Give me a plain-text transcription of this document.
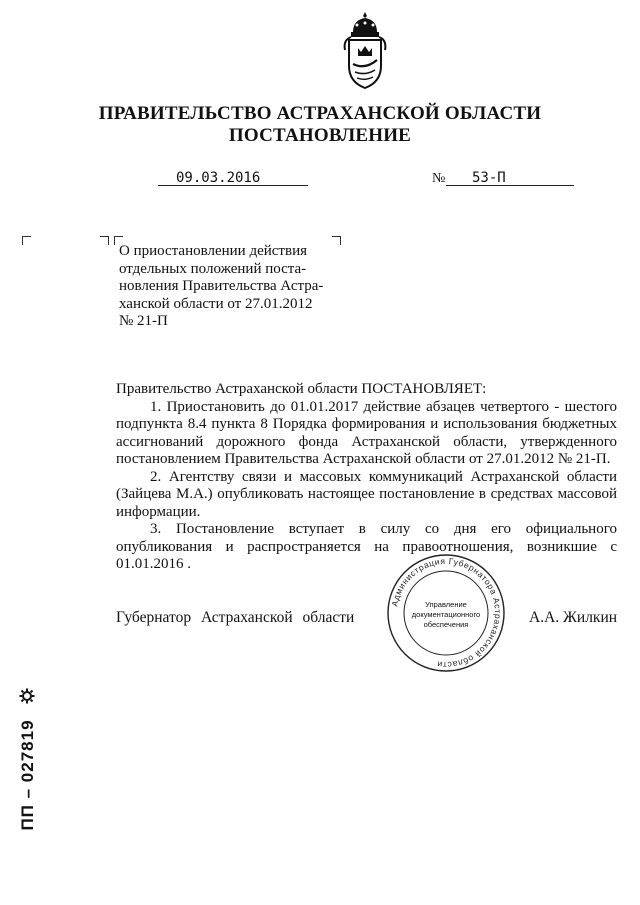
ПРАВИТЕЛЬСТВО АСТРАХАНСКОЙ ОБЛАСТИ
ПОСТАНОВЛЕНИЕ
09.03.2016	№ 53-П

О приостановлении действия

отдельных положений поста-

новления Правительства Астра-

ханской области от 27.01.2012

№ 21-П

Правительство Астраханской области ПОСТАНОВЛЯЕТ:

1. Приостановить до 01.01.2017 действие абзацев четвертого - шестого подпункта 8.4 пункта 8 Порядка формирования и использования бюджетных ассигнований дорожного фонда Астраханской области, утвержденного постановлением Правительства Астраханской области от 27.01.2012 № 21-П.

2. Агентству связи и массовых коммуникаций Астраханской области (Зайцева М.А.) опубликовать настоящее постановление в средствах массовой информации.

3. Постановление вступает в силу со дня его официального опубликования и распространяется на правоотношения, возникшие с 01.01.2016 .

Губернатор Астраханской области	А.А. Жилкин
Администрация Губернатора Астраханской области
Управление
документационного
обеспечения
ПП – 027819
